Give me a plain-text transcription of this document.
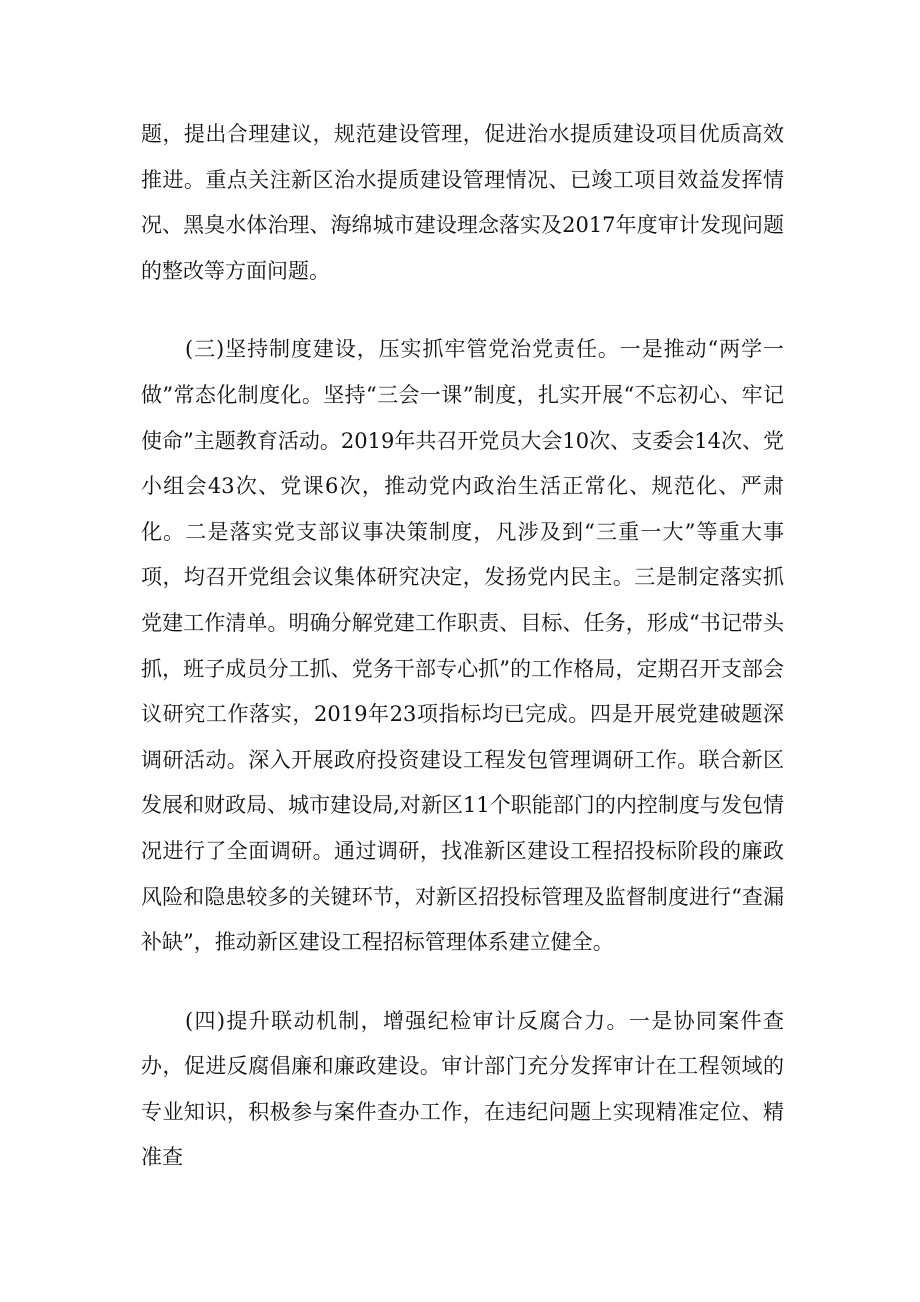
题，提出合理建议，规范建设管理，促进治水提质建设项目优质高效推进。重点关注新区治水提质建设管理情况、已竣工项目效益发挥情况、黑臭水体治理、海绵城市建设理念落实及2017年度审计发现问题的整改等方面问题。

(三)坚持制度建设，压实抓牢管党治党责任。一是推动“两学一做”常态化制度化。坚持“三会一课”制度，扎实开展“不忘初心、牢记使命”主题教育活动。2019年共召开党员大会10次、支委会14次、党小组会43次、党课6次，推动党内政治生活正常化、规范化、严肃化。二是落实党支部议事决策制度，凡涉及到“三重一大”等重大事项，均召开党组会议集体研究决定，发扬党内民主。三是制定落实抓党建工作清单。明确分解党建工作职责、目标、任务，形成“书记带头抓，班子成员分工抓、党务干部专心抓”的工作格局，定期召开支部会议研究工作落实，2019年23项指标均已完成。四是开展党建破题深调研活动。深入开展政府投资建设工程发包管理调研工作。联合新区发展和财政局、城市建设局,对新区11个职能部门的内控制度与发包情况进行了全面调研。通过调研，找准新区建设工程招投标阶段的廉政风险和隐患较多的关键环节，对新区招投标管理及监督制度进行“查漏补缺”，推动新区建设工程招标管理体系建立健全。

(四)提升联动机制，增强纪检审计反腐合力。一是协同案件查办，促进反腐倡廉和廉政建设。审计部门充分发挥审计在工程领域的专业知识，积极参与案件查办工作，在违纪问题上实现精准定位、精准查
